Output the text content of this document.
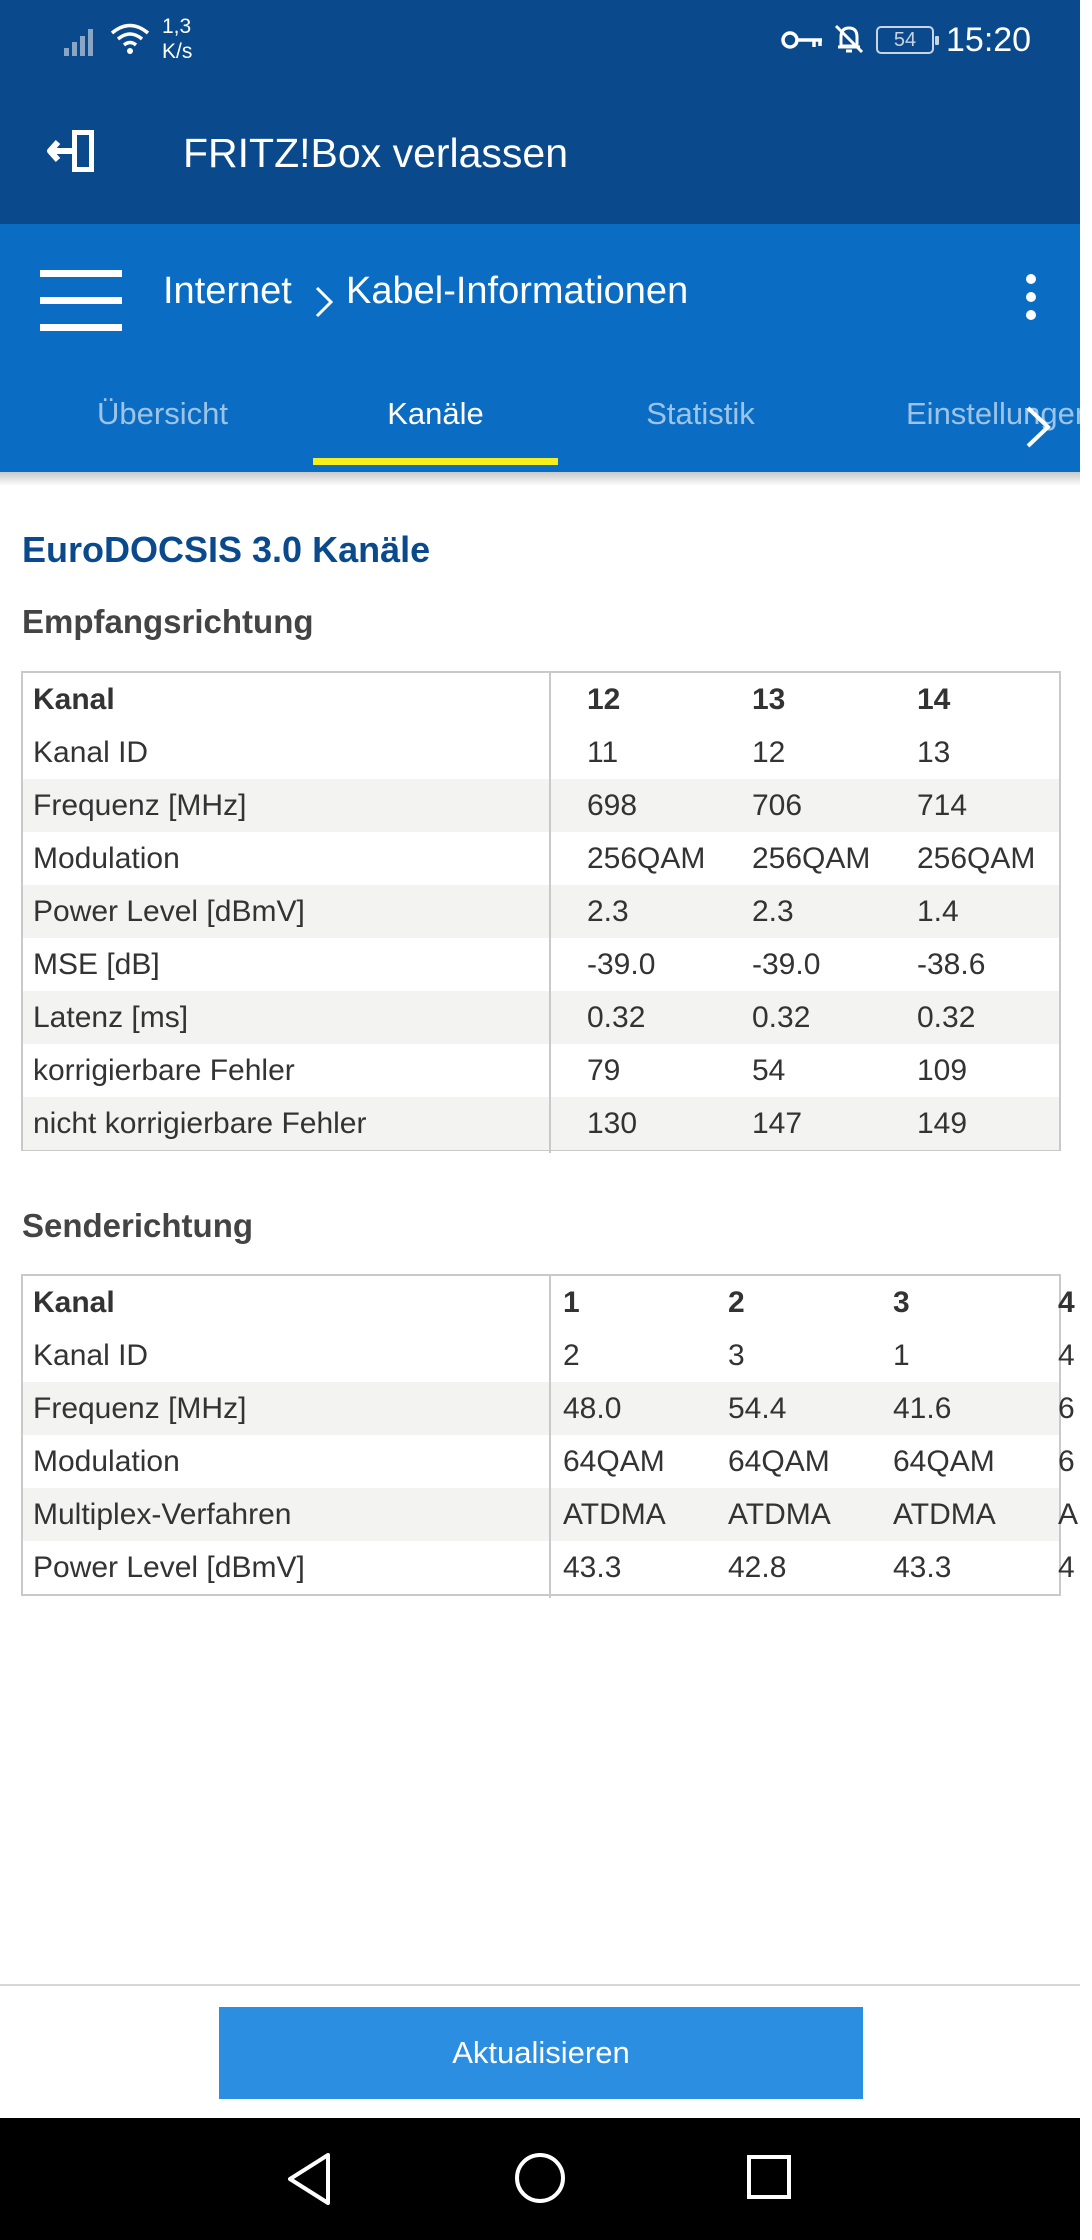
1,3
K/s	54 15:20
FRITZ!Box verlassen
Internet Kabel-Informationen
Übersicht	Kanäle	Statistik	Einstellungen
EuroDOCSIS 3.0 Kanäle
Empfangsrichtung
Kanal	12	13	14
Kanal ID	11	12	13
Frequenz [MHz]	698	706	714
Modulation	256QAM 256QAM 256QAM
Power Level [dBmV]	2.3	2.3	1.4
MSE [dB]	-39.0	-39.0	-38.6
Latenz [ms]	0.32	0.32	0.32
korrigierbare Fehler	79	54	109
nicht korrigierbare Fehler	130	147	149
Senderichtung
Kanal	1	2	3	4
Kanal ID	2	3	1	4
Frequenz [MHz]	48.0	54.4	41.6	6
Modulation	64QAM 64QAM 64QAM 6
Multiplex-Verfahren	ATDMA ATDMA ATDMA A
Power Level [dBmV]	43.3	42.8	43.3	4
Aktualisieren
